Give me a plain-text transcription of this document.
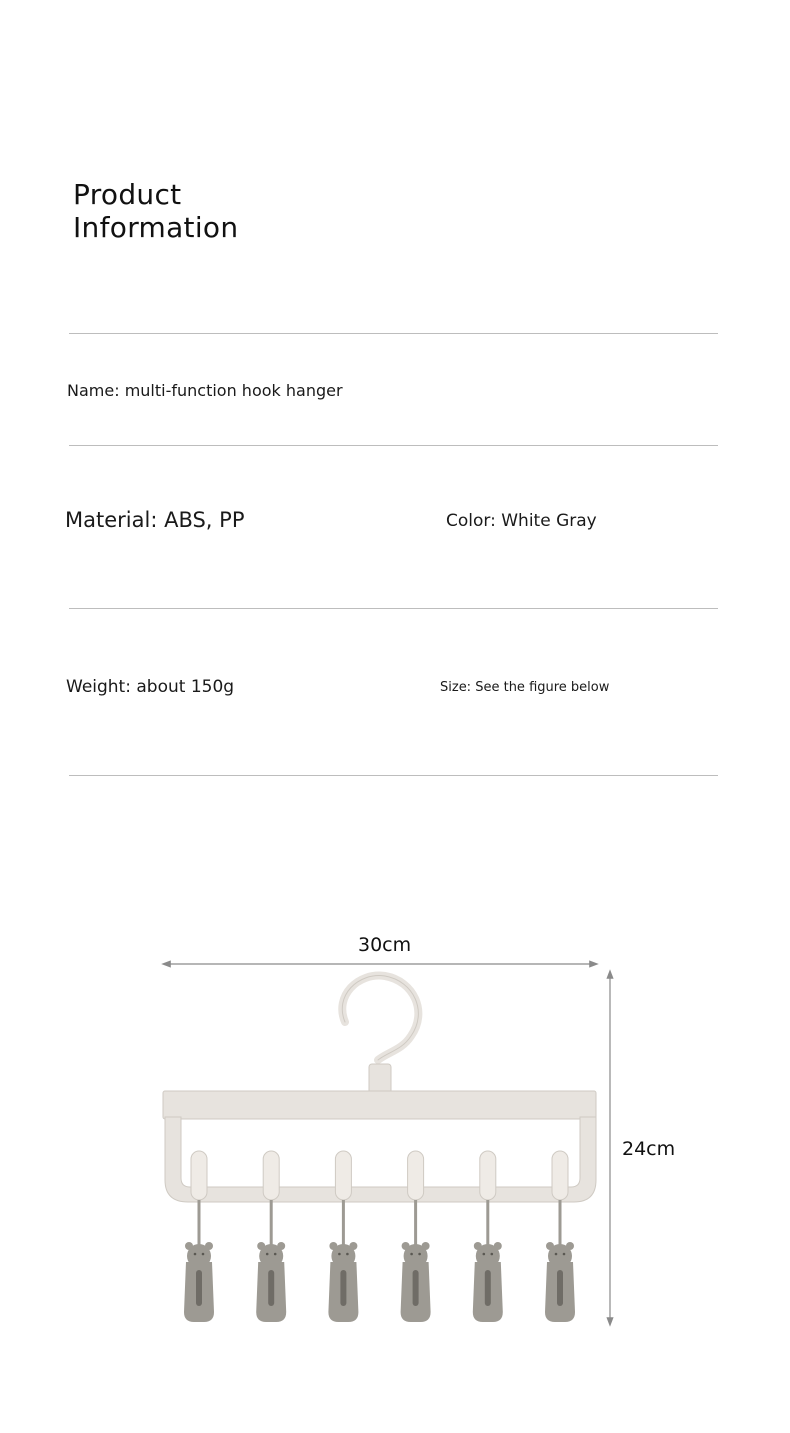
Product
Information
Name: multi-function hook hanger
Material: ABS, PP	Color: White Gray
Weight: about 150g	Size: See the figure below
30cm
24cm
